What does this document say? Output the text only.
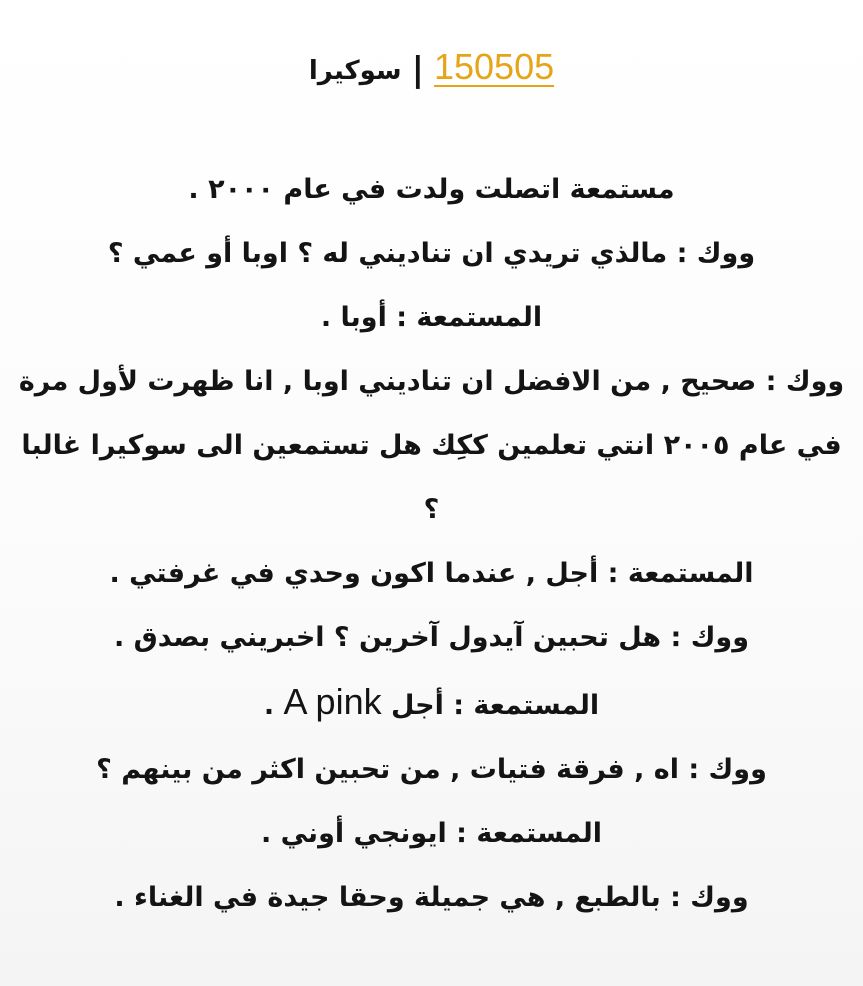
سوكيرا | 150505
مستمعة اتصلت ولدت في عام ٢٠٠٠ .
ووك : مالذي تريدي ان تناديني له ؟ اوبا أو عمي ؟
المستمعة : أوبا .
ووك : صحيح , من الافضل ان تناديني اوبا , انا ظهرت لأول مرة في عام ٢٠٠٥ انتي تعلمين ككِك هل تستمعين الى سوكيرا غالبا ؟
المستمعة : أجل , عندما اكون وحدي في غرفتي .
ووك : هل تحبين آيدول آخرين ؟ اخبريني بصدق .
المستمعة : أجل A pink .
ووك : اه , فرقة فتيات , من تحبين اكثر من بينهم ؟
المستمعة : ايونجي أوني .
ووك : بالطبع , هي جميلة وحقا جيدة في الغناء .
